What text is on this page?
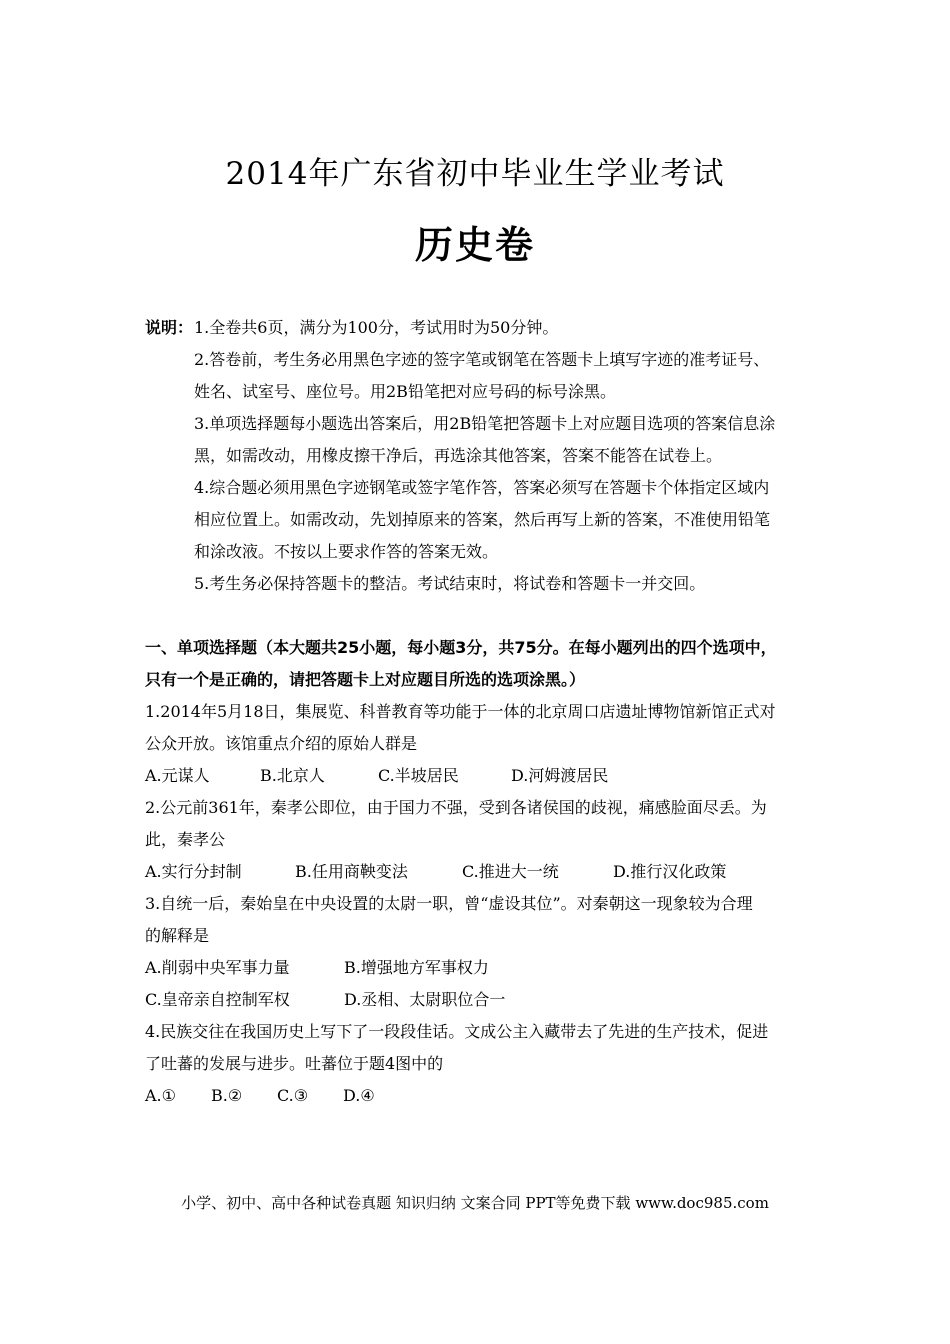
2014年广东省初中毕业生学业考试
历史卷
说明： 1.全卷共6页，满分为100分，考试用时为50分钟。
2.答卷前，考生务必用黑色字迹的签字笔或钢笔在答题卡上填写字迹的准考证号、
姓名、试室号、座位号。用2B铅笔把对应号码的标号涂黑。
3.单项选择题每小题选出答案后，用2B铅笔把答题卡上对应题目选项的答案信息涂
黑，如需改动，用橡皮擦干净后，再选涂其他答案，答案不能答在试卷上。
4.综合题必须用黑色字迹钢笔或签字笔作答，答案必须写在答题卡个体指定区域内
相应位置上。如需改动，先划掉原来的答案，然后再写上新的答案，不准使用铅笔
和涂改液。不按以上要求作答的答案无效。
5.考生务必保持答题卡的整洁。考试结束时，将试卷和答题卡一并交回。
一、单项选择题（本大题共25小题，每小题3分，共75分。在每小题列出的四个选项中，
只有一个是正确的，请把答题卡上对应题目所选的选项涂黑。）
1.2014年5月18日，集展览、科普教育等功能于一体的北京周口店遗址博物馆新馆正式对
公众开放。该馆重点介绍的原始人群是
A.元谋人	B.北京人	C.半坡居民	D.河姆渡居民
2.公元前361年，秦孝公即位，由于国力不强，受到各诸侯国的歧视，痛感脸面尽丢。为
此，秦孝公
A.实行分封制	B.任用商鞅变法	C.推进大一统	D.推行汉化政策
3.自统一后，秦始皇在中央设置的太尉一职，曾“虚设其位”。对秦朝这一现象较为合理
的解释是
A.削弱中央军事力量	B.增强地方军事权力
C.皇帝亲自控制军权	D.丞相、太尉职位合一
4.民族交往在我国历史上写下了一段段佳话。文成公主入藏带去了先进的生产技术，促进
了吐蕃的发展与进步。吐蕃位于题4图中的
A.① B.② C.③ D.④
小学、初中、高中各种试卷真题 知识归纳 文案合同 PPT等免费下载 www.doc985.com
